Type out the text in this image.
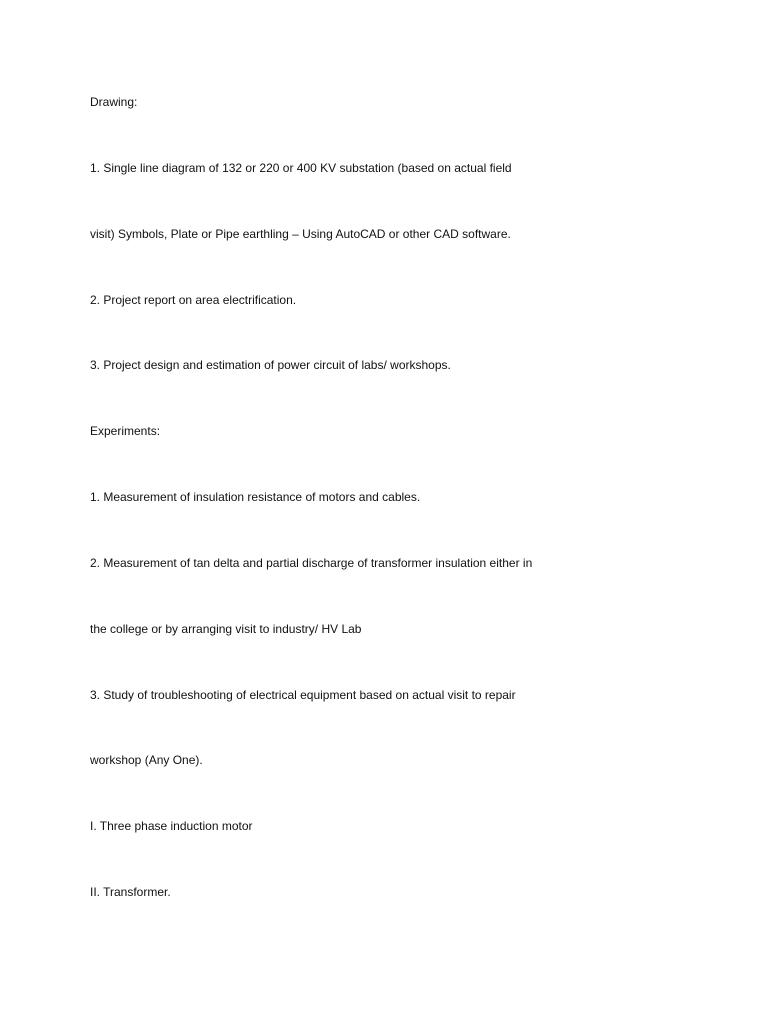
Drawing:
1. Single line diagram of 132 or 220 or 400 KV substation (based on actual field
visit) Symbols, Plate or Pipe earthling – Using AutoCAD or other CAD software.
2. Project report on area electrification.
3. Project design and estimation of power circuit of labs/ workshops.
Experiments:
1. Measurement of insulation resistance of motors and cables.
2. Measurement of tan delta and partial discharge of transformer insulation either in
the college or by arranging visit to industry/ HV Lab
3. Study of troubleshooting of electrical equipment based on actual visit to repair
workshop (Any One).
I. Three phase induction motor
II. Transformer.
